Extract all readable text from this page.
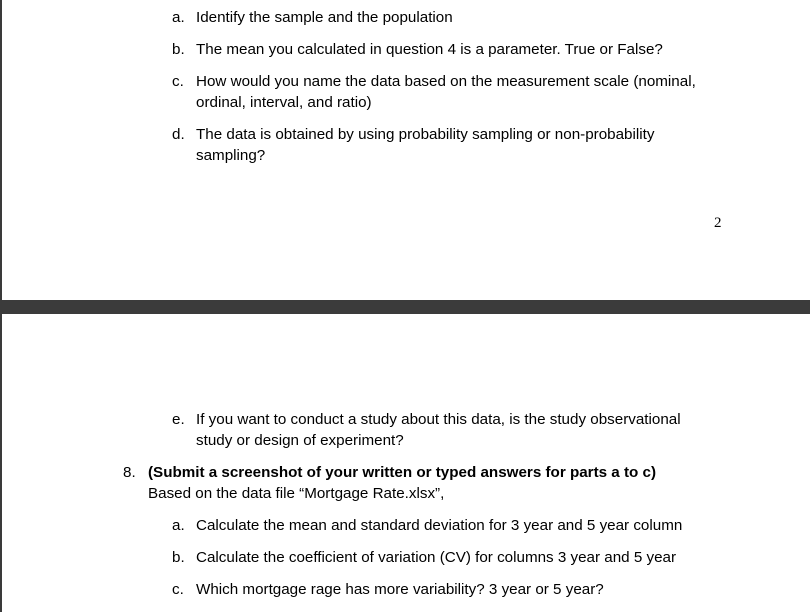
a. Identify the sample and the population
b. The mean you calculated in question 4 is a parameter. True or False?
c. How would you name the data based on the measurement scale (nominal,
ordinal, interval, and ratio)
d. The data is obtained by using probability sampling or non-probability
sampling?
2
e. If you want to conduct a study about this data, is the study observational
study or design of experiment?
8. (Submit a screenshot of your written or typed answers for parts a to c)
Based on the data file “Mortgage Rate.xlsx”,
a. Calculate the mean and standard deviation for 3 year and 5 year column
b. Calculate the coefficient of variation (CV) for columns 3 year and 5 year
c. Which mortgage rage has more variability? 3 year or 5 year?
